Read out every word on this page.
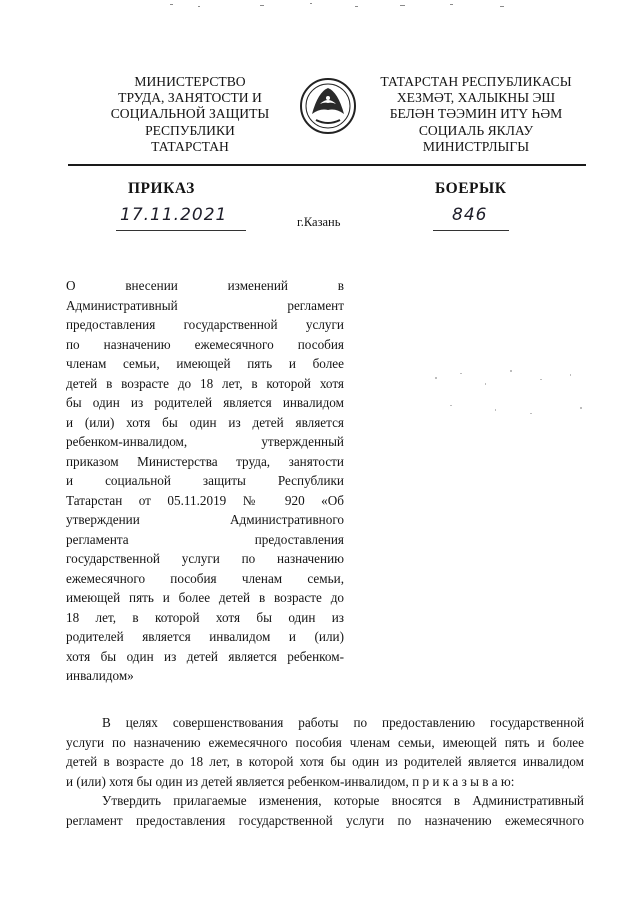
МИНИСТЕРСТВО
ТРУДА, ЗАНЯТОСТИ И
СОЦИАЛЬНОЙ ЗАЩИТЫ
РЕСПУБЛИКИ
ТАТАРСТАН
ТАТАРСТАН РЕСПУБЛИКАСЫ
ХЕЗМӘТ, ХАЛЫКНЫ ЭШ
БЕЛӘН ТӘЭМИН ИТҮ ҺӘМ
СОЦИАЛЬ ЯКЛАУ
МИНИСТРЛЫГЫ
ПРИКАЗ	БОЕРЫК
17.11.2021	г.Казань	846
О внесении изменений в
Административный регламент
предоставления государственной услуги
по назначению ежемесячного пособия
членам семьи, имеющей пять и более
детей в возрасте до 18 лет, в которой хотя
бы один из родителей является инвалидом
и (или) хотя бы один из детей является
ребенком-инвалидом, утвержденный
приказом Министерства труда, занятости
и социальной защиты Республики
Татарстан от 05.11.2019 № 920 «Об
утверждении Административного
регламента предоставления
государственной услуги по назначению
ежемесячного пособия членам семьи,
имеющей пять и более детей в возрасте до
18 лет, в которой хотя бы один из
родителей является инвалидом и (или)
хотя бы один из детей является ребенком-
инвалидом»

В целях совершенствования работы по предоставлению государственной
услуги по назначению ежемесячного пособия членам семьи, имеющей пять и более
детей в возрасте до 18 лет, в которой хотя бы один из родителей является инвалидом
и (или) хотя бы один из детей является ребенком-инвалидом, п р и к а з ы в а ю:

Утвердить прилагаемые изменения, которые вносятся в Административный
регламент предоставления государственной услуги по назначению ежемесячного
